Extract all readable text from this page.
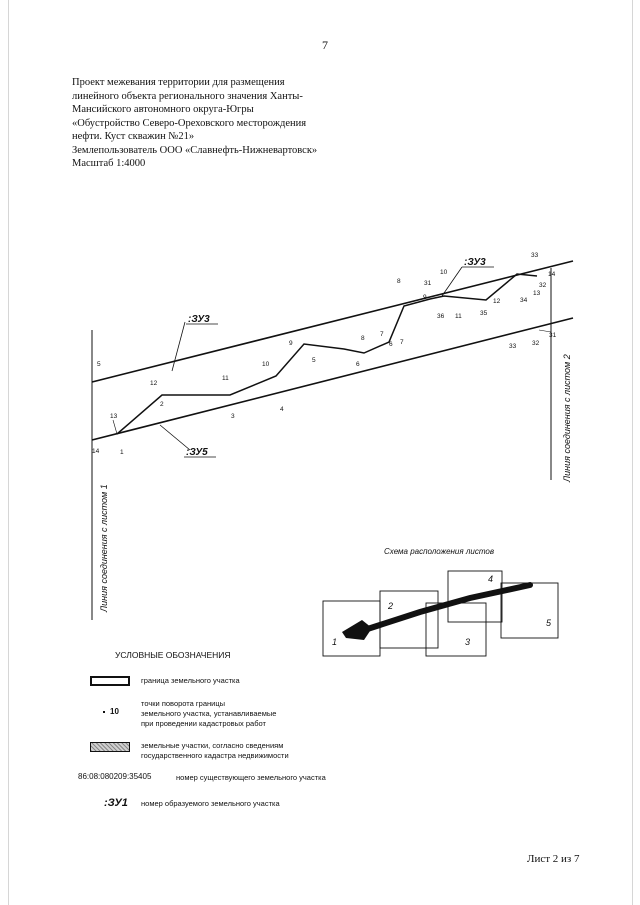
7
Проект межевания территории для размещения
линейного объекта регионального значения Ханты-
Мансийского автономного округа-Югры
«Обустройство Северо-Ореховского месторождения
нефти. Куст скважин №21»
Землепользователь ООО «Славнефть-Нижневартовск»
Масштаб 1:4000
5
12
11
10
9
8
7
6
13
14	1
2
3
4
5
6
7
8
9
10
31
36 11	35
12	34
13
32
14
33
33 32
31
:ЗУ3
:ЗУ3
:ЗУ5
Линия соединения с листом 1
Линия соединения с листом 2
Схема расположения листов
1
2
3
4
5
УСЛОВНЫЕ ОБОЗНАЧЕНИЯ
граница земельного участка
10
точки поворота границы
земельного участка, устанавливаемые
при проведении кадастровых работ
земельные участки, согласно сведениям
государственного кадастра недвижимости
86:08:080209:35405	номер существующего земельного участка
:ЗУ1 номер образуемого земельного участка
Лист 2 из 7
